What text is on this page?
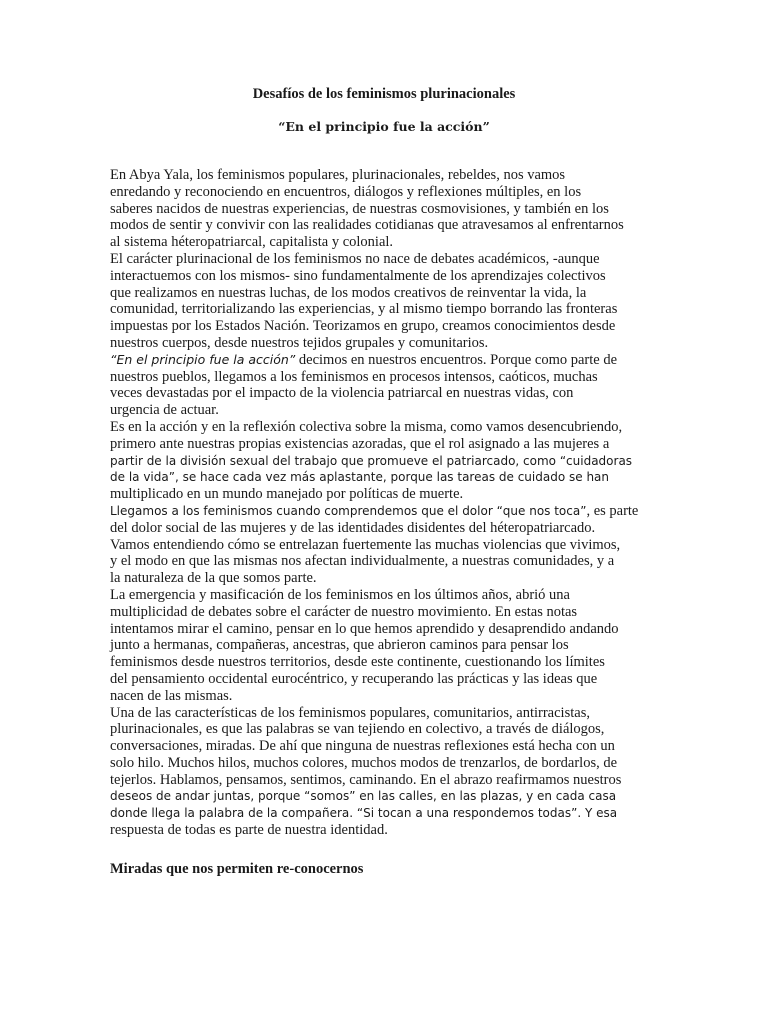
Desafíos de los feminismos plurinacionales
“En el principio fue la acción”
En Abya Yala, los feminismos populares, plurinacionales, rebeldes, nos vamos
enredando y reconociendo en encuentros, diálogos y reflexiones múltiples, en los
saberes nacidos de nuestras experiencias, de nuestras cosmovisiones, y también en los
modos de sentir y convivir con las realidades cotidianas que atravesamos al enfrentarnos
al sistema héteropatriarcal, capitalista y colonial.
El carácter plurinacional de los feminismos no nace de debates académicos, -aunque
interactuemos con los mismos- sino fundamentalmente de los aprendizajes colectivos
que realizamos en nuestras luchas, de los modos creativos de reinventar la vida, la
comunidad, territorializando las experiencias, y al mismo tiempo borrando las fronteras
impuestas por los Estados Nación. Teorizamos en grupo, creamos conocimientos desde
nuestros cuerpos, desde nuestros tejidos grupales y comunitarios.
“En el principio fue la acción” decimos en nuestros encuentros. Porque como parte de
nuestros pueblos, llegamos a los feminismos en procesos intensos, caóticos, muchas
veces devastadas por el impacto de la violencia patriarcal en nuestras vidas, con
urgencia de actuar.
Es en la acción y en la reflexión colectiva sobre la misma, como vamos desencubriendo,
primero ante nuestras propias existencias azoradas, que el rol asignado a las mujeres a
partir de la división sexual del trabajo que promueve el patriarcado, como “cuidadoras
de la vida”, se hace cada vez más aplastante, porque las tareas de cuidado se han
multiplicado en un mundo manejado por políticas de muerte.
Llegamos a los feminismos cuando comprendemos que el dolor “que nos toca”, es parte
del dolor social de las mujeres y de las identidades disidentes del héteropatriarcado.
Vamos entendiendo cómo se entrelazan fuertemente las muchas violencias que vivimos,
y el modo en que las mismas nos afectan individualmente, a nuestras comunidades, y a
la naturaleza de la que somos parte.
La emergencia y masificación de los feminismos en los últimos años, abrió una
multiplicidad de debates sobre el carácter de nuestro movimiento. En estas notas
intentamos mirar el camino, pensar en lo que hemos aprendido y desaprendido andando
junto a hermanas, compañeras, ancestras, que abrieron caminos para pensar los
feminismos desde nuestros territorios, desde este continente, cuestionando los límites
del pensamiento occidental eurocéntrico, y recuperando las prácticas y las ideas que
nacen de las mismas.
Una de las características de los feminismos populares, comunitarios, antirracistas,
plurinacionales, es que las palabras se van tejiendo en colectivo, a través de diálogos,
conversaciones, miradas. De ahí que ninguna de nuestras reflexiones está hecha con un
solo hilo. Muchos hilos, muchos colores, muchos modos de trenzarlos, de bordarlos, de
tejerlos. Hablamos, pensamos, sentimos, caminando. En el abrazo reafirmamos nuestros
deseos de andar juntas, porque “somos” en las calles, en las plazas, y en cada casa
donde llega la palabra de la compañera. “Si tocan a una respondemos todas”. Y esa
respuesta de todas es parte de nuestra identidad.
Miradas que nos permiten re-conocernos
